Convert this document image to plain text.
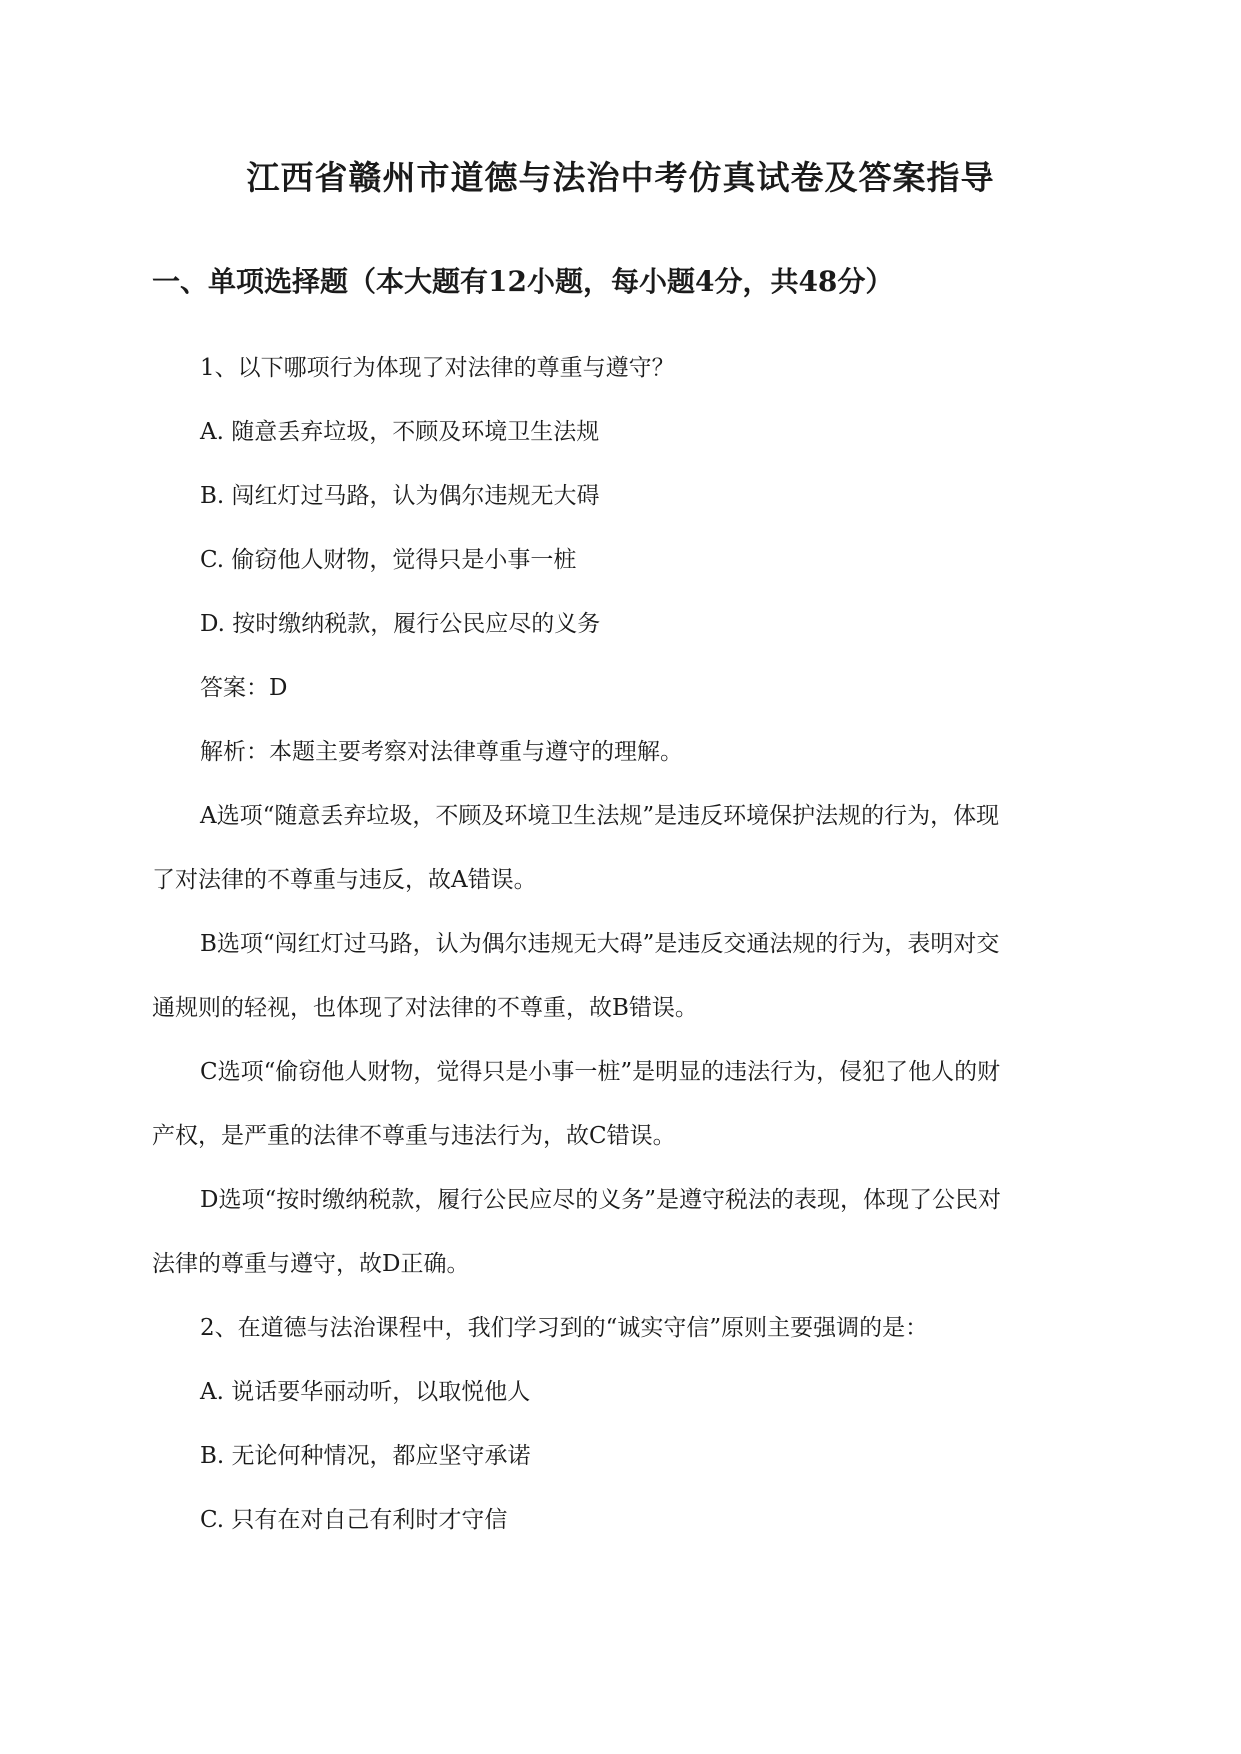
江西省赣州市道德与法治中考仿真试卷及答案指导
一、单项选择题（本大题有12小题，每小题4分，共48分）

1、以下哪项行为体现了对法律的尊重与遵守？

A. 随意丢弃垃圾，不顾及环境卫生法规

B. 闯红灯过马路，认为偶尔违规无大碍

C. 偷窃他人财物，觉得只是小事一桩

D. 按时缴纳税款，履行公民应尽的义务

答案：D

解析：本题主要考察对法律尊重与遵守的理解。

A选项“随意丢弃垃圾，不顾及环境卫生法规”是违反环境保护法规的行为，体现

了对法律的不尊重与违反，故A错误。

B选项“闯红灯过马路，认为偶尔违规无大碍”是违反交通法规的行为，表明对交

通规则的轻视，也体现了对法律的不尊重，故B错误。

C选项“偷窃他人财物，觉得只是小事一桩”是明显的违法行为，侵犯了他人的财

产权，是严重的法律不尊重与违法行为，故C错误。

D选项“按时缴纳税款，履行公民应尽的义务”是遵守税法的表现，体现了公民对

法律的尊重与遵守，故D正确。

2、在道德与法治课程中，我们学习到的“诚实守信”原则主要强调的是：

A. 说话要华丽动听，以取悦他人

B. 无论何种情况，都应坚守承诺

C. 只有在对自己有利时才守信
